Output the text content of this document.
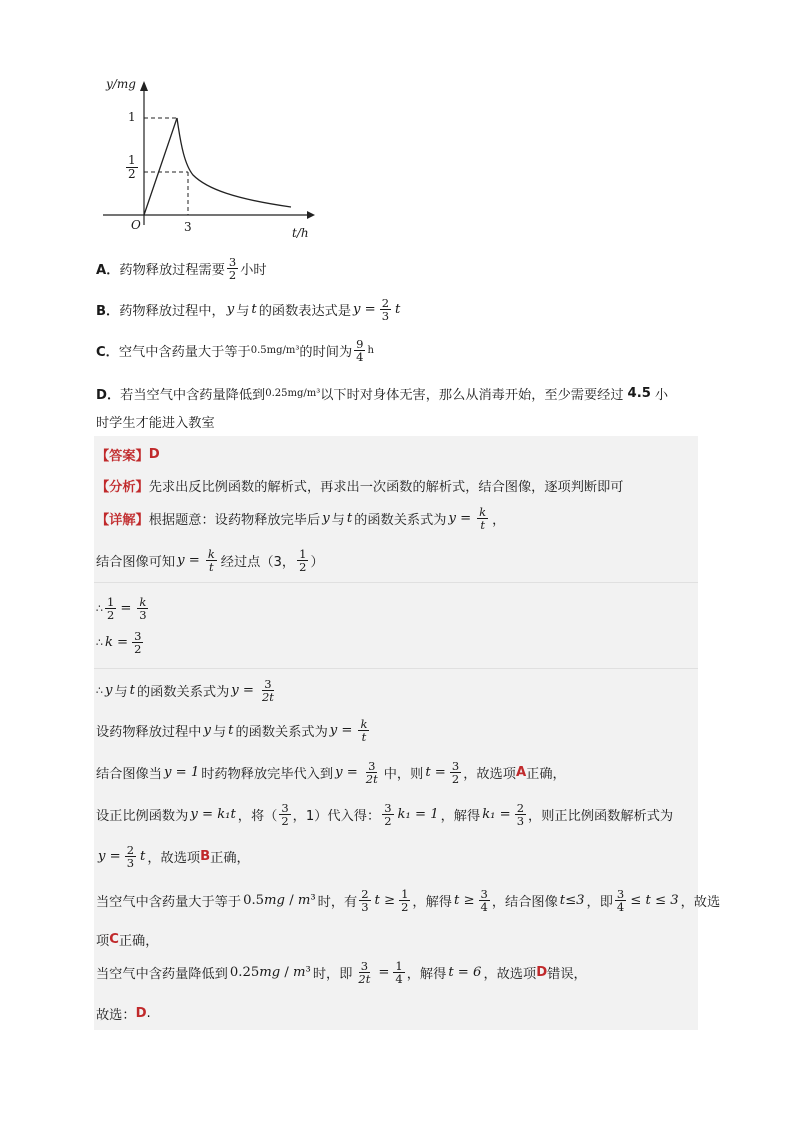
y/mg
t/h
O
1
$\frac{1}{2}$
3
A． 药物释放过程需要 $\frac{3}{2}$ 小时
B． 药物释放过程中， y 与 t 的函数表达式是 $y = \frac{2}{3}$ t
C． 空气中含药量大于等于 0.5mg/m³ 的时间为 $\frac{9}{4}$ h
D． 若当空气中含药量降低到 0.25mg/m³ 以下时对身体无害，那么从消毒开始，至少需要经过 4.5 小
时学生才能进入教室
【答案】 D
【分析】 先求出反比例函数的解析式，再求出一次函数的解析式，结合图像，逐项判断即可
【详解】 根据题意：设药物释放完毕后 y 与 t 的函数关系式为 $y = \frac{k}{t}$ ，
结合图像可知 $y = \frac{k}{t}$ 经过点（3， $\frac{1}{2}$ ）
∴ $\frac{1}{2} = \frac{k}{3}$
∴ $k = \frac{3}{2}$
∴ y 与 t 的函数关系式为 $y = \frac{3}{2t}$
设药物释放过程中 y 与 t 的函数关系式为 $y = \frac{k}{t}$
结合图像当 y = 1 时药物释放完毕代入到 $y = \frac{3}{2t}$ 中，则 $t = \frac{3}{2}$ ，故选项 A 正确，
设正比例函数为 y = k₁t ，将（ $\frac{3}{2}$ ，1）代入得： $\frac{3}{2} k_1 = 1$ ，解得 $k_1 = \frac{2}{3}$ ，则正比例函数解析式为
$y = \frac{2}{3}$ t ，故选项 B 正确，
当空气中含药量大于等于 0.5mg / m³ 时，有 $\frac{2}{3}$ $t \ge \frac{1}{2}$ ，解得 $t \ge \frac{3}{4}$ ，结合图像 t≤3 ，即 $\frac{3}{4} \le t \le 3$ ，故选
项 C 正确，
当空气中含药量降低到 0.25mg / m³ 时，即 $\frac{3}{2t} = \frac{1}{4}$ ，解得 t = 6 ，故选项 D 错误，
故选： D .
